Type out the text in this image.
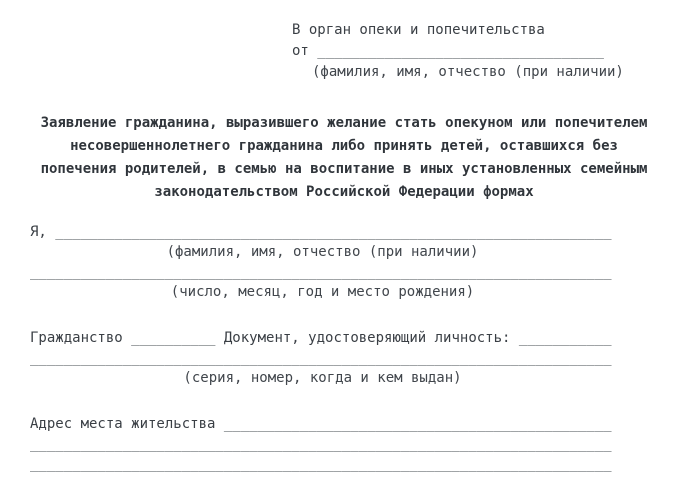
В орган опеки и попечительства
от __________________________________
(фамилия, имя, отчество (при наличии)
Заявление гражданина, выразившего желание стать опекуном или попечителем
несовершеннолетнего гражданина либо принять детей, оставшихся без
попечения родителей, в семью на воспитание в иных установленных семейным
законодательством Российской Федерации формах
Я, __________________________________________________________________
(фамилия, имя, отчество (при наличии)
_____________________________________________________________________
(число, месяц, год и место рождения)
Гражданство __________ Документ, удостоверяющий личность: ___________
_____________________________________________________________________
(серия, номер, когда и кем выдан)
Адрес места жительства ______________________________________________
_____________________________________________________________________
_____________________________________________________________________
